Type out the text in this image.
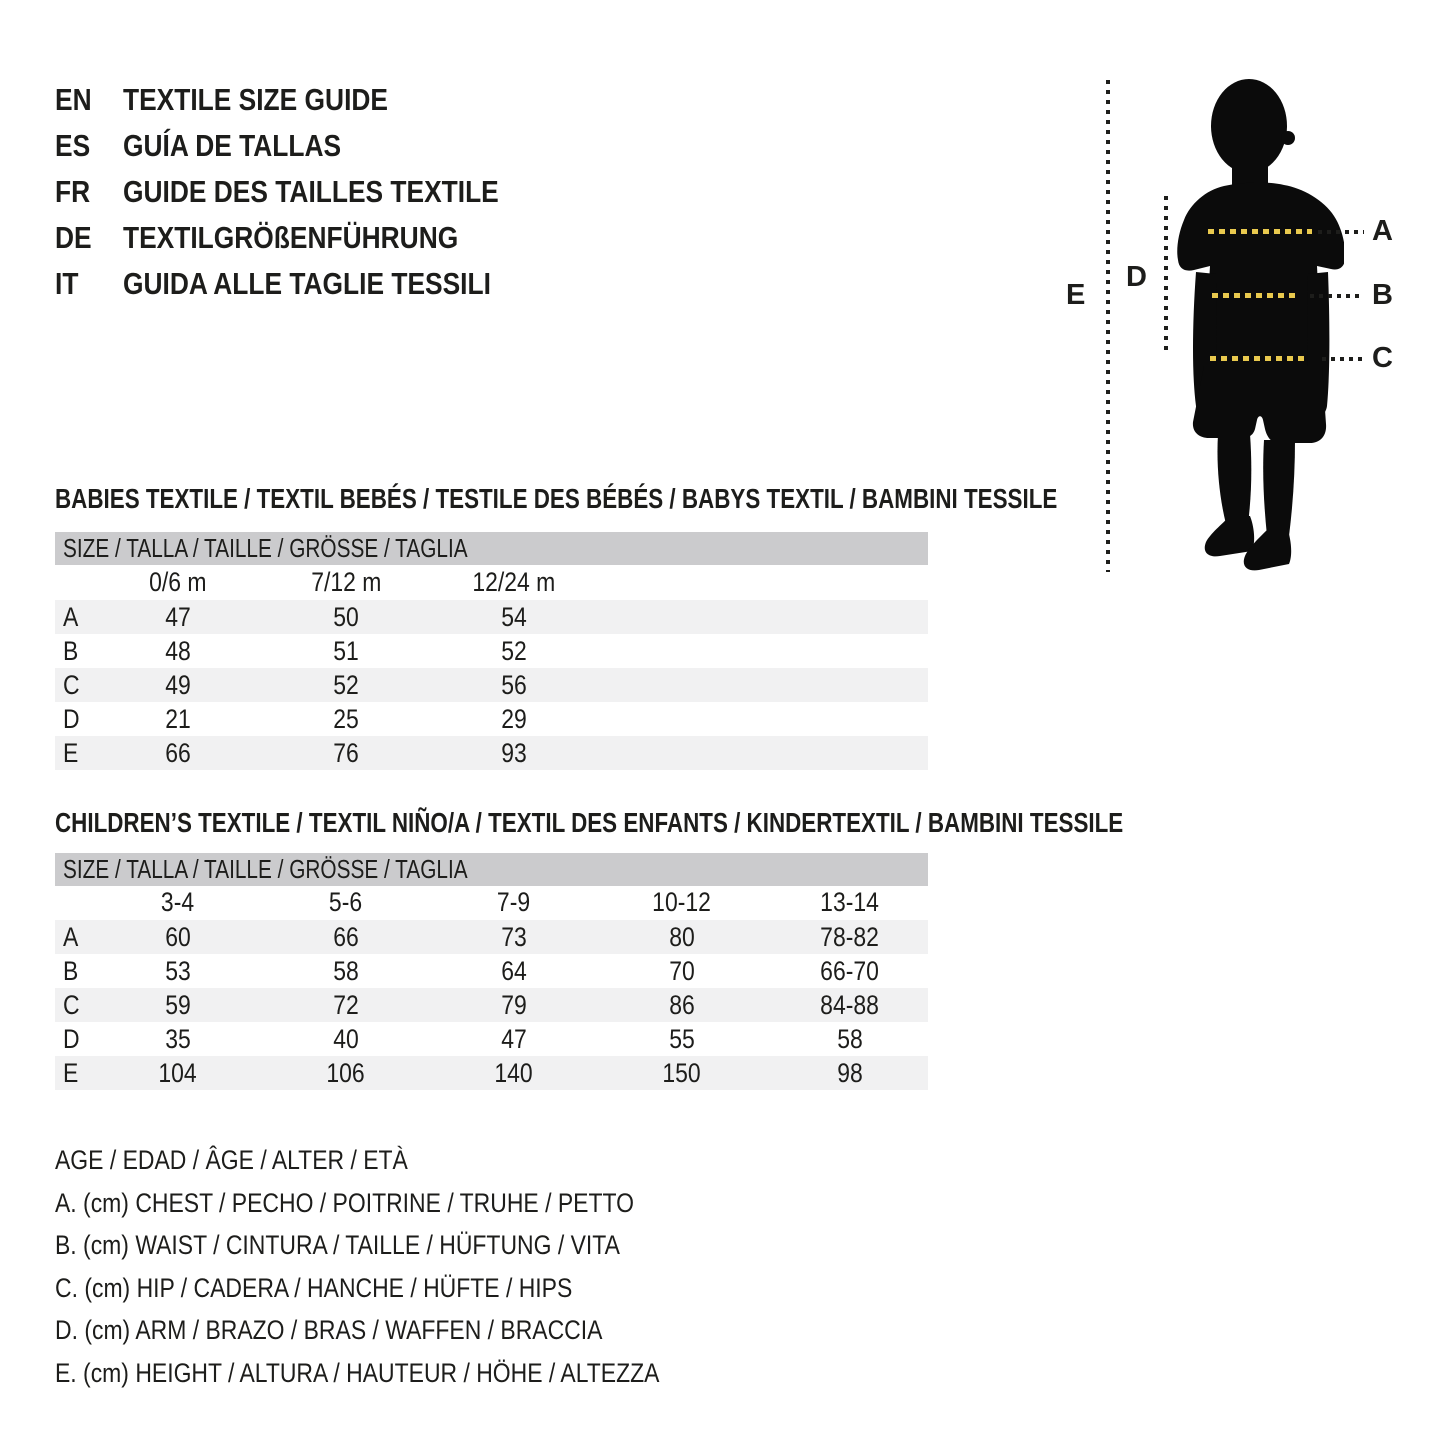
EN TEXTILE SIZE GUIDE
ES GUÍA DE TALLAS
FR GUIDE DES TAILLES TEXTILE
DE TEXTILGRÖßENFÜHRUNG
IT GUIDA ALLE TAGLIE TESSILI	E
D
A
B
C
BABIES TEXTILE / TEXTIL BEBÉS / TESTILE DES BÉBÉS / BABYS TEXTIL / BAMBINI TESSILE
SIZE / TALLA / TAILLE / GRÖSSE / TAGLIA
0/6 m	7/12 m	12/24 m
A	47	50	54
B	48	51	52
C	49	52	56
D	21	25	29
E	66	76	93
CHILDREN’S TEXTILE / TEXTIL NIÑO/A / TEXTIL DES ENFANTS / KINDERTEXTIL / BAMBINI TESSILE
SIZE / TALLA / TAILLE / GRÖSSE / TAGLIA
3-4	5-6	7-9	10-12	13-14
A	60	66	73	80	78-82
B	53	58	64	70	66-70
C	59	72	79	86	84-88
D	35	40	47	55	58
E	104	106	140	150	98
AGE / EDAD / ÂGE / ALTER / ETÀ
A. (cm) CHEST / PECHO / POITRINE / TRUHE / PETTO
B. (cm) WAIST / CINTURA / TAILLE / HÜFTUNG / VITA
C. (cm) HIP / CADERA / HANCHE / HÜFTE / HIPS
D. (cm) ARM / BRAZO / BRAS / WAFFEN / BRACCIA
E. (cm) HEIGHT / ALTURA / HAUTEUR / HÖHE / ALTEZZA
